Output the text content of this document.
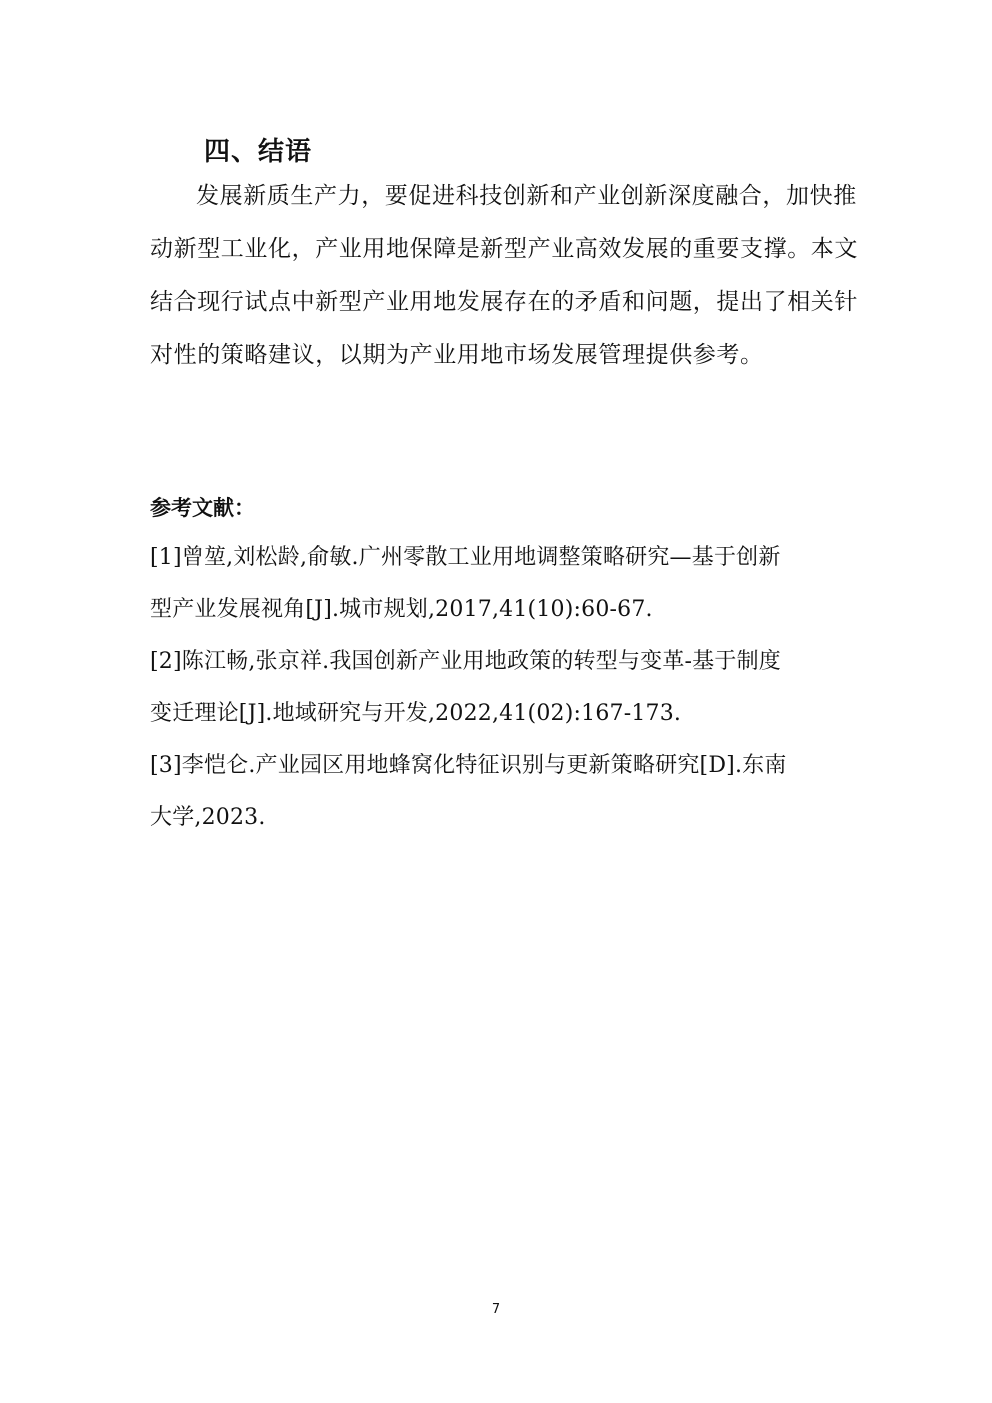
四、结语
发展新质生产力，要促进科技创新和产业创新深度融合，加快推
动新型工业化，产业用地保障是新型产业高效发展的重要支撑。本文
结合现行试点中新型产业用地发展存在的矛盾和问题，提出了相关针
对性的策略建议，以期为产业用地市场发展管理提供参考。
参考文献：
[1]曾堃,刘松龄,俞敏.广州零散工业用地调整策略研究—基于创新
型产业发展视角[J].城市规划,2017,41(10):60-67.
[2]陈江畅,张京祥.我国创新产业用地政策的转型与变革-基于制度
变迁理论[J].地域研究与开发,2022,41(02):167-173.
[3]李恺仑.产业园区用地蜂窝化特征识别与更新策略研究[D].东南
大学,2023.
7
